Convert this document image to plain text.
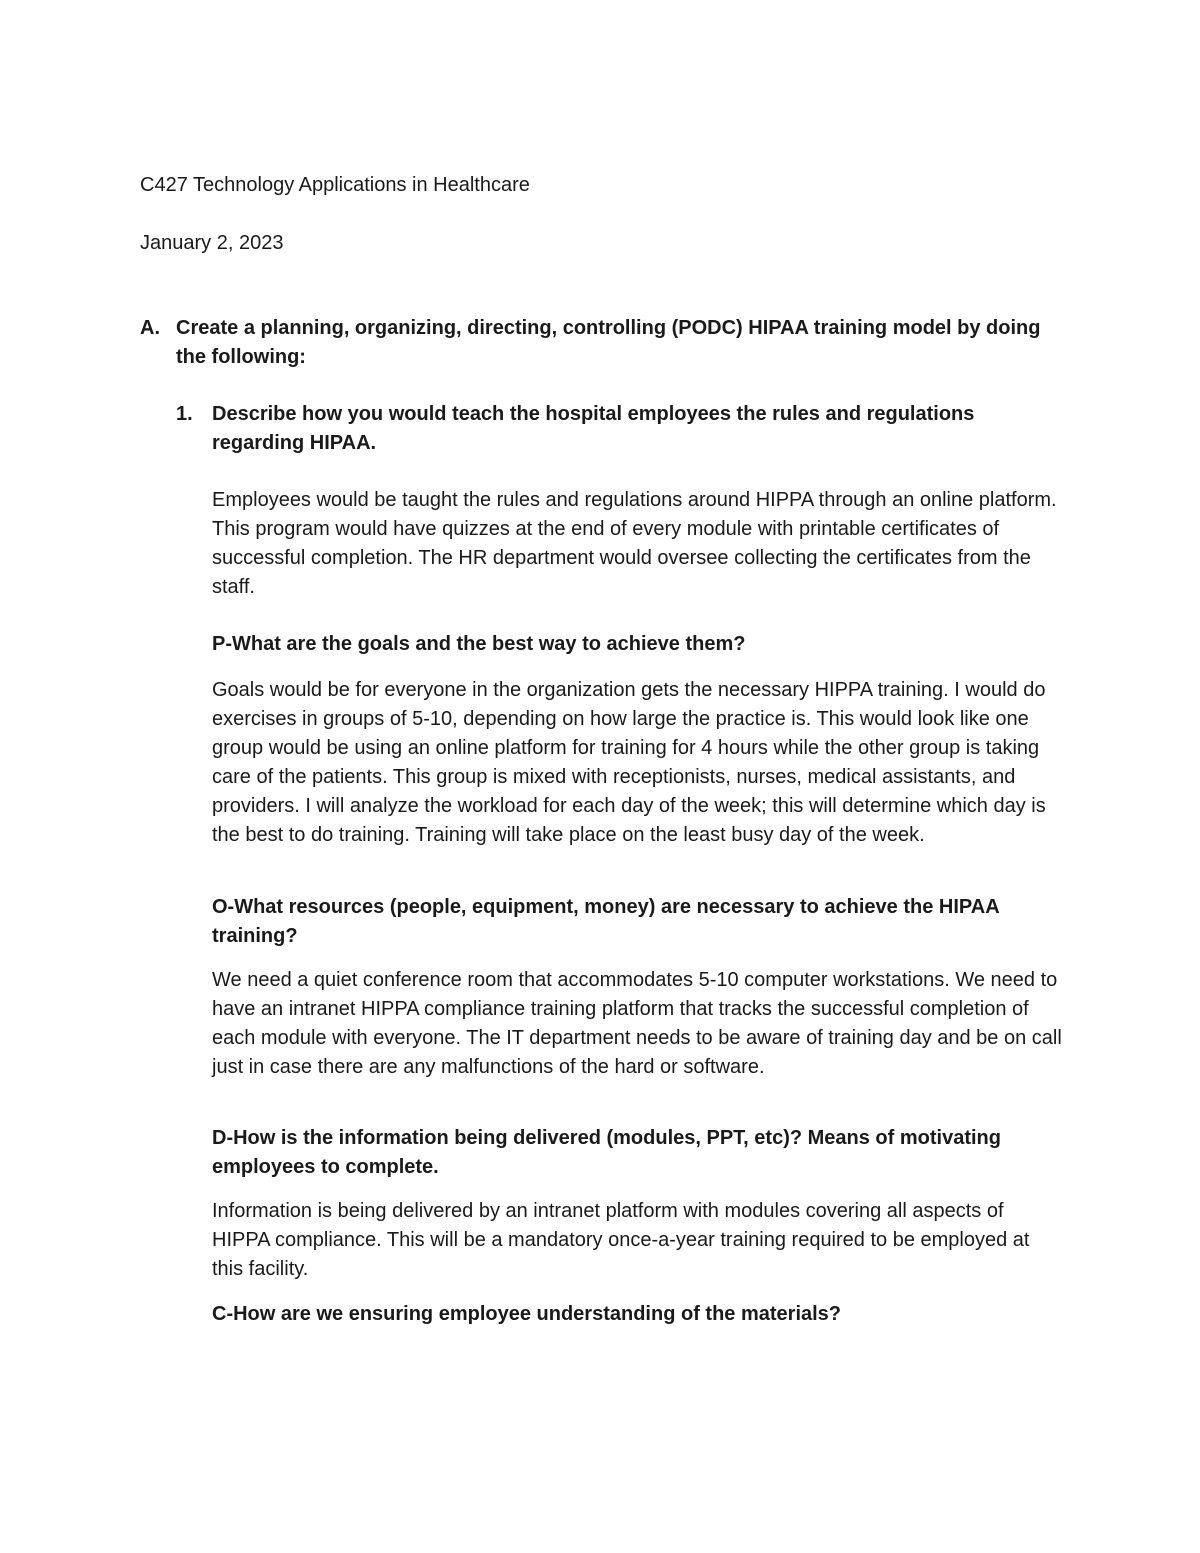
C427 Technology Applications in Healthcare

January 2, 2023

A. Create a planning, organizing, directing, controlling (PODC) HIPAA training model by doing the following:

1. Describe how you would teach the hospital employees the rules and regulations regarding HIPAA.

Employees would be taught the rules and regulations around HIPPA through an online platform. This program would have quizzes at the end of every module with printable certificates of successful completion. The HR department would oversee collecting the certificates from the staff.

P-What are the goals and the best way to achieve them?

Goals would be for everyone in the organization gets the necessary HIPPA training. I would do exercises in groups of 5-10, depending on how large the practice is. This would look like one group would be using an online platform for training for 4 hours while the other group is taking care of the patients. This group is mixed with receptionists, nurses, medical assistants, and providers. I will analyze the workload for each day of the week; this will determine which day is the best to do training. Training will take place on the least busy day of the week.

O-What resources (people, equipment, money) are necessary to achieve the HIPAA training?

We need a quiet conference room that accommodates 5-10 computer workstations. We need to have an intranet HIPPA compliance training platform that tracks the successful completion of each module with everyone. The IT department needs to be aware of training day and be on call just in case there are any malfunctions of the hard or software.

D-How is the information being delivered (modules, PPT, etc)? Means of motivating employees to complete.

Information is being delivered by an intranet platform with modules covering all aspects of HIPPA compliance. This will be a mandatory once-a-year training required to be employed at this facility.

C-How are we ensuring employee understanding of the materials?
